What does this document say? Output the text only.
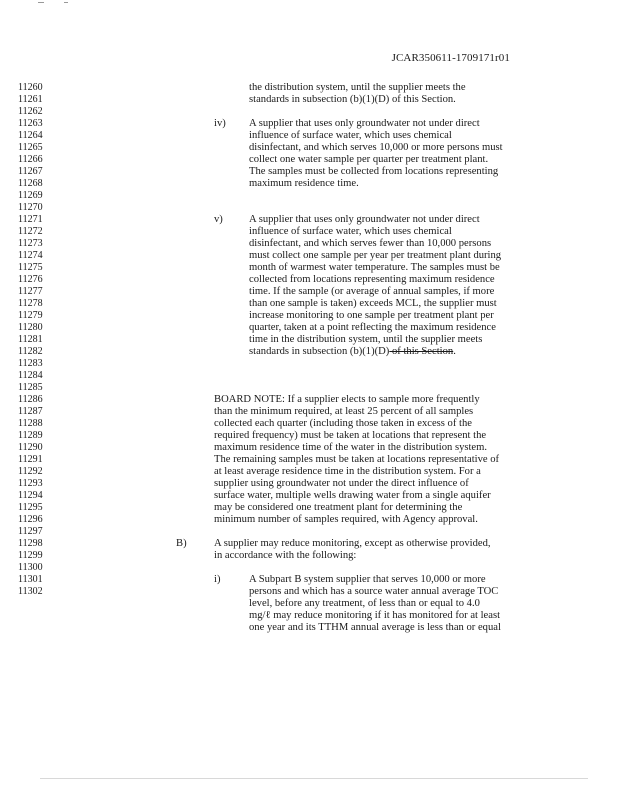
JCAR350611-1709171r01
11260
11261
11262
11263
11264
11265
11266
11267
11268
11269
11270
11271
11272
11273
11274
11275
11276
11277
11278
11279
11280
11281
11282
11283
11284
11285
11286
11287
11288
11289
11290
11291
11292
11293
11294
11295
11296
11297
11298
11299
11300
11301
11302
the distribution system, until the supplier meets the
standards in subsection (b)(1)(D) of this Section.
iv) A supplier that uses only groundwater not under direct
influence of surface water, which uses chemical
disinfectant, and which serves 10,000 or more persons must
collect one water sample per quarter per treatment plant.
The samples must be collected from locations representing
maximum residence time.
v) A supplier that uses only groundwater not under direct
influence of surface water, which uses chemical
disinfectant, and which serves fewer than 10,000 persons
must collect one sample per year per treatment plant during
month of warmest water temperature. The samples must be
collected from locations representing maximum residence
time. If the sample (or average of annual samples, if more
than one sample is taken) exceeds MCL, the supplier must
increase monitoring to one sample per treatment plant per
quarter, taken at a point reflecting the maximum residence
time in the distribution system, until the supplier meets
standards in subsection (b)(1)(D) of this Section.
BOARD NOTE: If a supplier elects to sample more frequently
than the minimum required, at least 25 percent of all samples
collected each quarter (including those taken in excess of the
required frequency) must be taken at locations that represent the
maximum residence time of the water in the distribution system.
The remaining samples must be taken at locations representative of
at least average residence time in the distribution system. For a
supplier using groundwater not under the direct influence of
surface water, multiple wells drawing water from a single aquifer
may be considered one treatment plant for determining the
minimum number of samples required, with Agency approval.
B)	A supplier may reduce monitoring, except as otherwise provided,
in accordance with the following:
i)	A Subpart B system supplier that serves 10,000 or more
persons and which has a source water annual average TOC
level, before any treatment, of less than or equal to 4.0
mg/ℓ may reduce monitoring if it has monitored for at least
one year and its TTHM annual average is less than or equal
